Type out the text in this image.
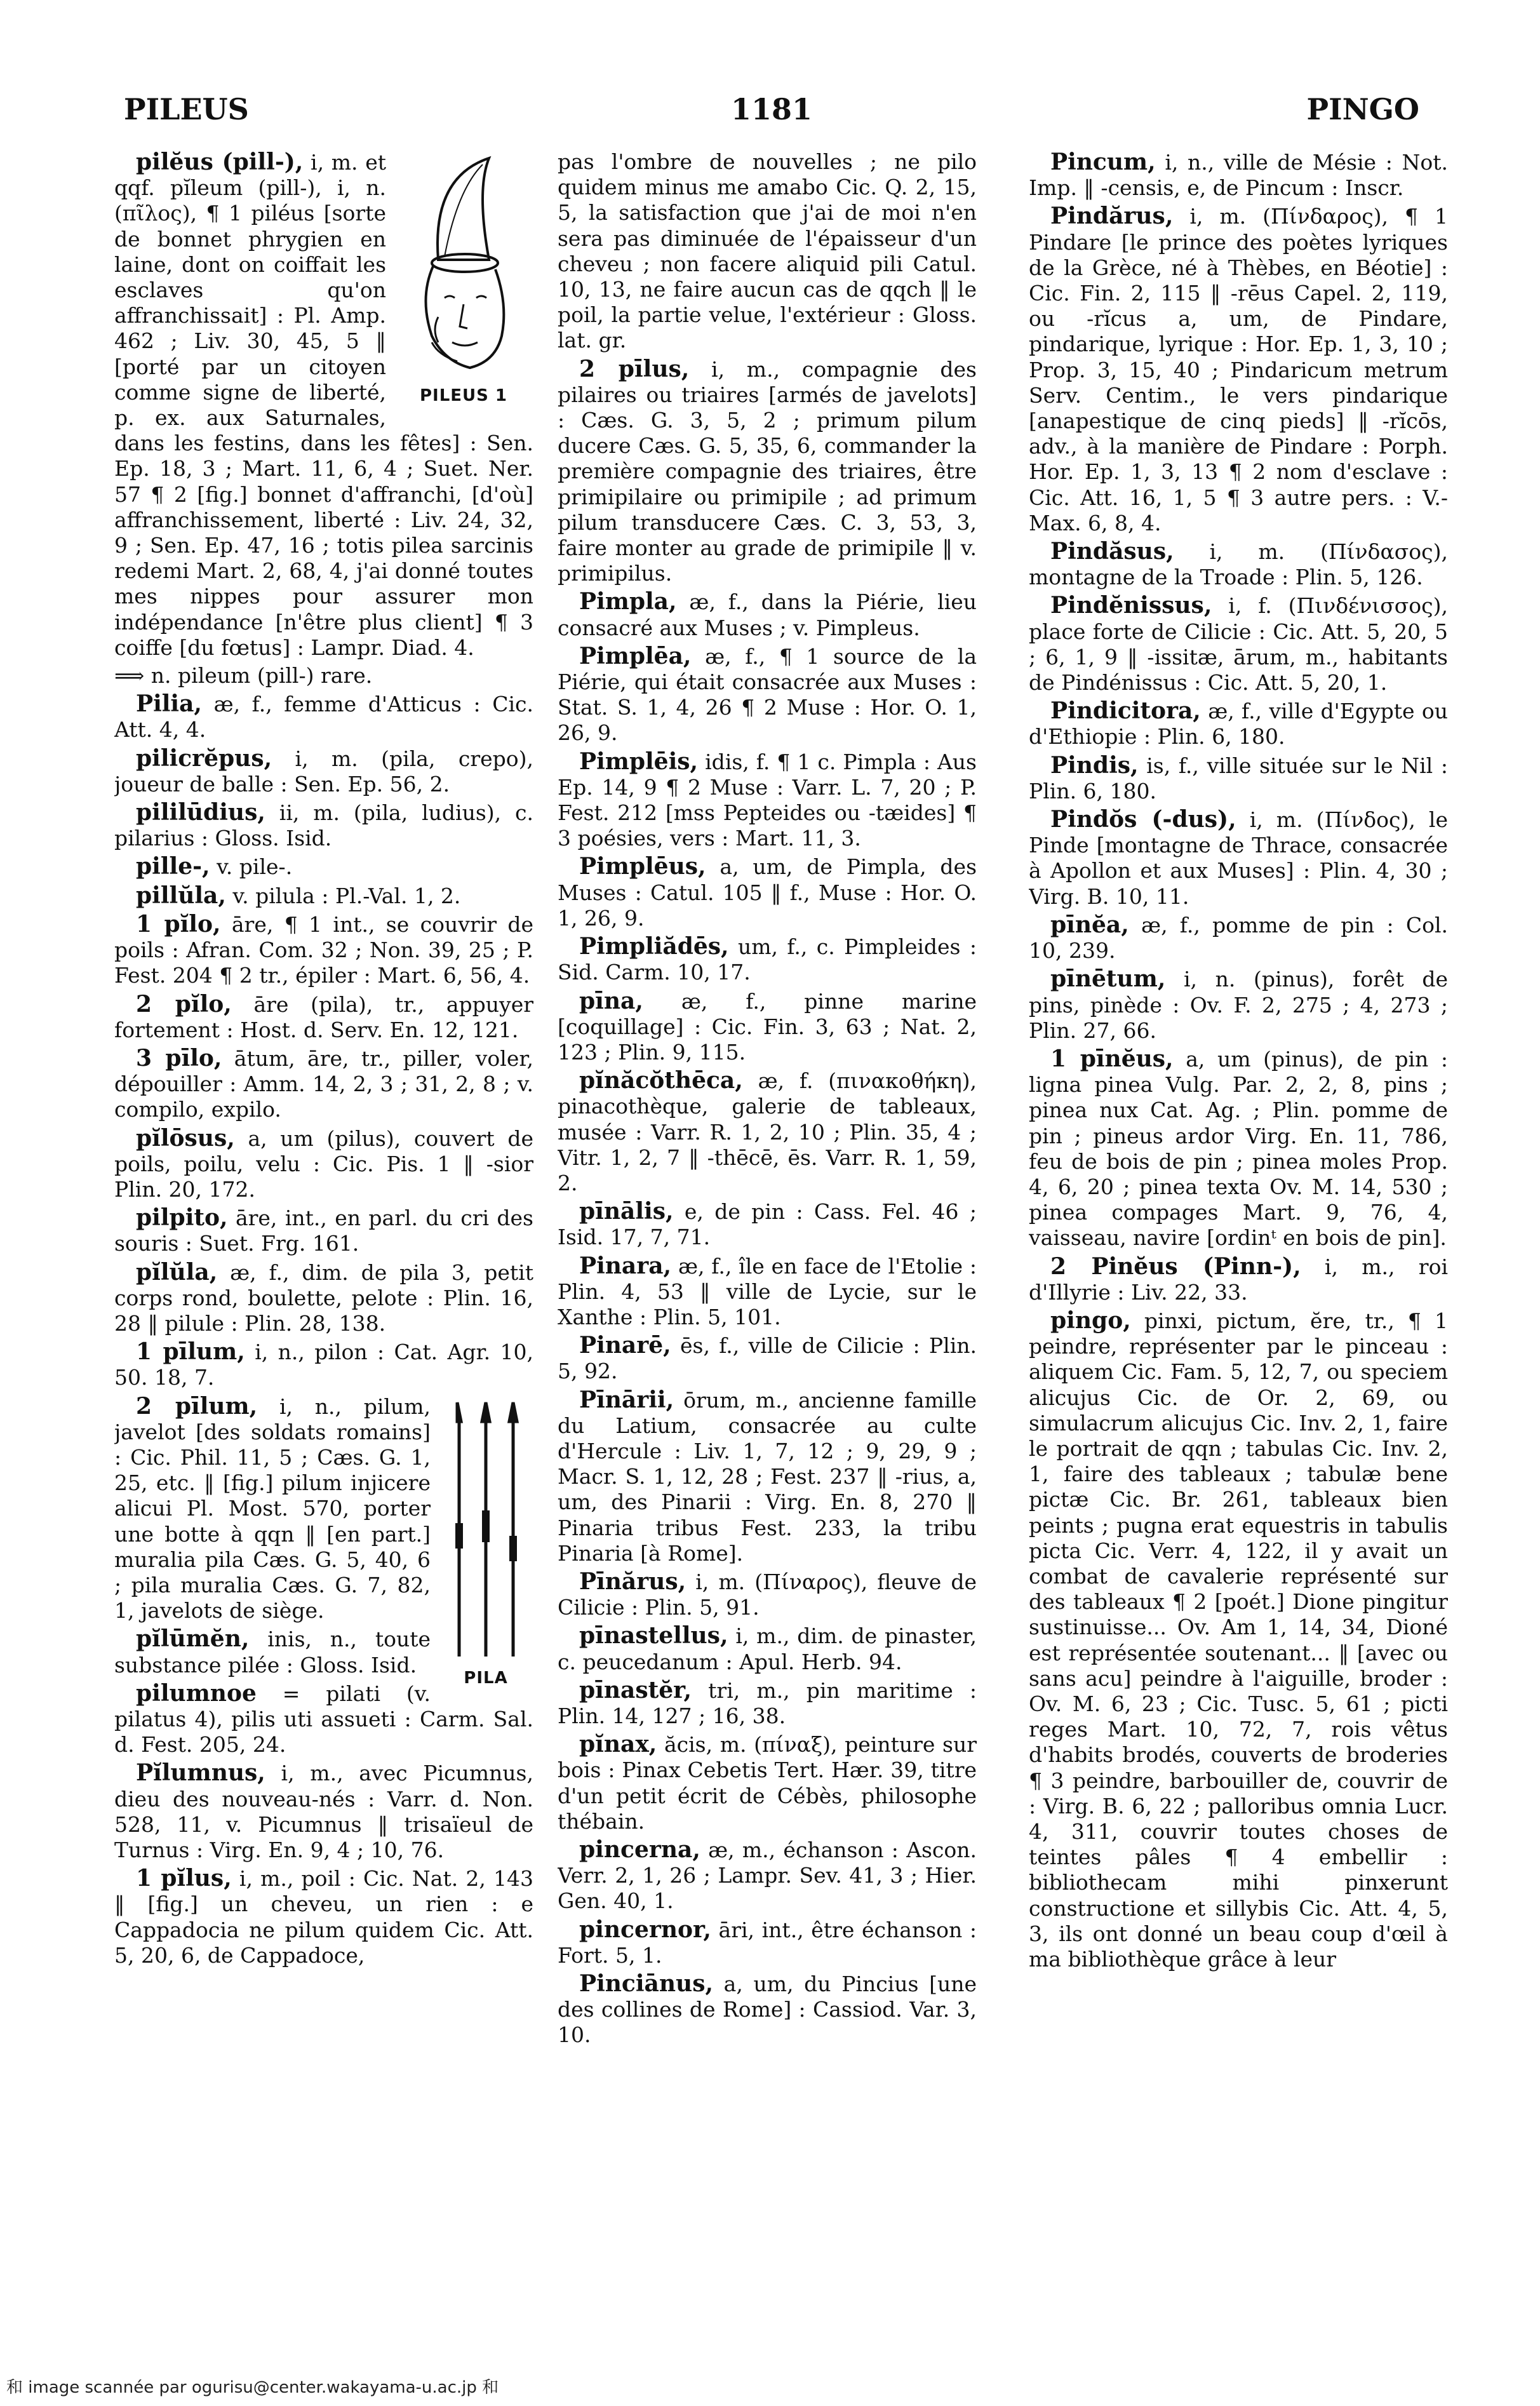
PILEUS	1181	PINGO
PILEUS 1

pilĕus (pill-), i, m. et qqf. pĭleum (pill-), i, n. (πῖλος), ¶ 1 piléus [sorte de bonnet phrygien en laine, dont on coiffait les esclaves qu'on affranchissait] : Pl. Amp. 462 ; Liv. 30, 45, 5 ‖ [porté par un citoyen comme signe de liberté, p. ex. aux Saturnales, dans les festins, dans les fêtes] : Sen. Ep. 18, 3 ; Mart. 11, 6, 4 ; Suet. Ner. 57 ¶ 2 [fig.] bonnet d'affranchi, [d'où] affranchissement, liberté : Liv. 24, 32, 9 ; Sen. Ep. 47, 16 ; totis pilea sarcinis redemi Mart. 2, 68, 4, j'ai donné toutes mes nippes pour assurer mon indépendance [n'être plus client] ¶ 3 coiffe [du fœtus] : Lampr. Diad. 4.

⟹ n. pileum (pill-) rare.

Pilia, æ, f., femme d'Atticus : Cic. Att. 4, 4.

pilicrĕpus, i, m. (pila, crepo), joueur de balle : Sen. Ep. 56, 2.

pililūdius, ii, m. (pila, ludius), c. pilarius : Gloss. Isid.

pille-, v. pile-.

pillŭla, v. pilula : Pl.-Val. 1, 2.

1 pĭlo, āre, ¶ 1 int., se couvrir de poils : Afran. Com. 32 ; Non. 39, 25 ; P. Fest. 204 ¶ 2 tr., épiler : Mart. 6, 56, 4.

2 pĭlo, āre (pila), tr., appuyer fortement : Host. d. Serv. En. 12, 121.

3 pīlo, ātum, āre, tr., piller, voler, dépouiller : Amm. 14, 2, 3 ; 31, 2, 8 ; v. compilo, expilo.

pĭlōsus, a, um (pilus), couvert de poils, poilu, velu : Cic. Pis. 1 ‖ -sior Plin. 20, 172.

pilpito, āre, int., en parl. du cri des souris : Suet. Frg. 161.

pĭlŭla, æ, f., dim. de pila 3, petit corps rond, boulette, pelote : Plin. 16, 28 ‖ pilule : Plin. 28, 138.

1 pīlum, i, n., pilon : Cat. Agr. 10, 50. 18, 7.

PILA

2 pīlum, i, n., pilum, javelot [des soldats romains] : Cic. Phil. 11, 5 ; Cæs. G. 1, 25, etc. ‖ [fig.] pilum injicere alicui Pl. Most. 570, porter une botte à qqn ‖ [en part.] muralia pila Cæs. G. 5, 40, 6 ; pila muralia Cæs. G. 7, 82, 1, javelots de siège.

pĭlūmĕn, inis, n., toute substance pilée : Gloss. Isid.

pilumnoe = pilati (v. pilatus 4), pilis uti assueti : Carm. Sal. d. Fest. 205, 24.

Pĭlumnus, i, m., avec Picumnus, dieu des nouveau-nés : Varr. d. Non. 528, 11, v. Picumnus ‖ trisaïeul de Turnus : Virg. En. 9, 4 ; 10, 76.

1 pĭlus, i, m., poil : Cic. Nat. 2, 143 ‖ [fig.] un cheveu, un rien : e Cappadocia ne pilum quidem Cic. Att. 5, 20, 6, de Cappadoce,

pas l'ombre de nouvelles ; ne pilo quidem minus me amabo Cic. Q. 2, 15, 5, la satisfaction que j'ai de moi n'en sera pas diminuée de l'épaisseur d'un cheveu ; non facere aliquid pili Catul. 10, 13, ne faire aucun cas de qqch ‖ le poil, la partie velue, l'extérieur : Gloss. lat. gr.

2 pīlus, i, m., compagnie des pilaires ou triaires [armés de javelots] : Cæs. G. 3, 5, 2 ; primum pilum ducere Cæs. G. 5, 35, 6, commander la première compagnie des triaires, être primipilaire ou primipile ; ad primum pilum transducere Cæs. C. 3, 53, 3, faire monter au grade de primipile ‖ v. primipilus.

Pimpla, æ, f., dans la Piérie, lieu consacré aux Muses ; v. Pimpleus.

Pimplēa, æ, f., ¶ 1 source de la Piérie, qui était consacrée aux Muses : Stat. S. 1, 4, 26 ¶ 2 Muse : Hor. O. 1, 26, 9.

Pimplēis, idis, f. ¶ 1 c. Pimpla : Aus Ep. 14, 9 ¶ 2 Muse : Varr. L. 7, 20 ; P. Fest. 212 [mss Pepteides ou -tæides] ¶ 3 poésies, vers : Mart. 11, 3.

Pimplēus, a, um, de Pimpla, des Muses : Catul. 105 ‖ f., Muse : Hor. O. 1, 26, 9.

Pimpliădēs, um, f., c. Pimpleides : Sid. Carm. 10, 17.

pīna, æ, f., pinne marine [coquillage] : Cic. Fin. 3, 63 ; Nat. 2, 123 ; Plin. 9, 115.

pĭnăcŏthēca, æ, f. (πινακοθήκη), pinacothèque, galerie de tableaux, musée : Varr. R. 1, 2, 10 ; Plin. 35, 4 ; Vitr. 1, 2, 7 ‖ -thēcē, ēs. Varr. R. 1, 59, 2.

pīnālis, e, de pin : Cass. Fel. 46 ; Isid. 17, 7, 71.

Pinara, æ, f., île en face de l'Etolie : Plin. 4, 53 ‖ ville de Lycie, sur le Xanthe : Plin. 5, 101.

Pinarē, ēs, f., ville de Cilicie : Plin. 5, 92.

Pīnārii, ōrum, m., ancienne famille du Latium, consacrée au culte d'Hercule : Liv. 1, 7, 12 ; 9, 29, 9 ; Macr. S. 1, 12, 28 ; Fest. 237 ‖ -rius, a, um, des Pinarii : Virg. En. 8, 270 ‖ Pinaria tribus Fest. 233, la tribu Pinaria [à Rome].

Pīnărus, i, m. (Πίναρος), fleuve de Cilicie : Plin. 5, 91.

pīnastellus, i, m., dim. de pinaster, c. peucedanum : Apul. Herb. 94.

pīnastĕr, tri, m., pin maritime : Plin. 14, 127 ; 16, 38.

pĭnax, ăcis, m. (πίναξ), peinture sur bois : Pinax Cebetis Tert. Hær. 39, titre d'un petit écrit de Cébès, philosophe thébain.

pincerna, æ, m., échanson : Ascon. Verr. 2, 1, 26 ; Lampr. Sev. 41, 3 ; Hier. Gen. 40, 1.

pincernor, āri, int., être échanson : Fort. 5, 1.

Pinciānus, a, um, du Pincius [une des collines de Rome] : Cassiod. Var. 3, 10.

Pincum, i, n., ville de Mésie : Not. Imp. ‖ -censis, e, de Pincum : Inscr.

Pindărus, i, m. (Πίνδαρος), ¶ 1 Pindare [le prince des poètes lyriques de la Grèce, né à Thèbes, en Béotie] : Cic. Fin. 2, 115 ‖ -rēus Capel. 2, 119, ou -rĭcus a, um, de Pindare, pindarique, lyrique : Hor. Ep. 1, 3, 10 ; Prop. 3, 15, 40 ; Pindaricum metrum Serv. Centim., le vers pindarique [anapestique de cinq pieds] ‖ -rĭcōs, adv., à la manière de Pindare : Porph. Hor. Ep. 1, 3, 13 ¶ 2 nom d'esclave : Cic. Att. 16, 1, 5 ¶ 3 autre pers. : V.-Max. 6, 8, 4.

Pindăsus, i, m. (Πίνδασος), montagne de la Troade : Plin. 5, 126.

Pindĕnissus, i, f. (Πινδένισσος), place forte de Cilicie : Cic. Att. 5, 20, 5 ; 6, 1, 9 ‖ -issitæ, ārum, m., habitants de Pindénissus : Cic. Att. 5, 20, 1.

Pindicitora, æ, f., ville d'Egypte ou d'Ethiopie : Plin. 6, 180.

Pindis, is, f., ville située sur le Nil : Plin. 6, 180.

Pindŏs (-dus), i, m. (Πίνδος), le Pinde [montagne de Thrace, consacrée à Apollon et aux Muses] : Plin. 4, 30 ; Virg. B. 10, 11.

pīnĕa, æ, f., pomme de pin : Col. 10, 239.

pīnētum, i, n. (pinus), forêt de pins, pinède : Ov. F. 2, 275 ; 4, 273 ; Plin. 27, 66.

1 pīnĕus, a, um (pinus), de pin : ligna pinea Vulg. Par. 2, 2, 8, pins ; pinea nux Cat. Ag. ; Plin. pomme de pin ; pineus ardor Virg. En. 11, 786, feu de bois de pin ; pinea moles Prop. 4, 6, 20 ; pinea texta Ov. M. 14, 530 ; pinea compages Mart. 9, 76, 4, vaisseau, navire [ordinᵗ en bois de pin].

2 Pinĕus (Pinn-), i, m., roi d'Illyrie : Liv. 22, 33.

pingo, pinxi, pictum, ĕre, tr., ¶ 1 peindre, représenter par le pinceau : aliquem Cic. Fam. 5, 12, 7, ou speciem alicujus Cic. de Or. 2, 69, ou simulacrum alicujus Cic. Inv. 2, 1, faire le portrait de qqn ; tabulas Cic. Inv. 2, 1, faire des tableaux ; tabulæ bene pictæ Cic. Br. 261, tableaux bien peints ; pugna erat equestris in tabulis picta Cic. Verr. 4, 122, il y avait un combat de cavalerie représenté sur des tableaux ¶ 2 [poét.] Dione pingitur sustinuisse... Ov. Am 1, 14, 34, Dioné est représentée soutenant... ‖ [avec ou sans acu] peindre à l'aiguille, broder : Ov. M. 6, 23 ; Cic. Tusc. 5, 61 ; picti reges Mart. 10, 72, 7, rois vêtus d'habits brodés, couverts de broderies ¶ 3 peindre, barbouiller de, couvrir de : Virg. B. 6, 22 ; palloribus omnia Lucr. 4, 311, couvrir toutes choses de teintes pâles ¶ 4 embellir : bibliothecam mihi pinxerunt constructione et sillybis Cic. Att. 4, 5, 3, ils ont donné un beau coup d'œil à ma bibliothèque grâce à leur

和 image scannée par ogurisu@center.wakayama-u.ac.jp 和
